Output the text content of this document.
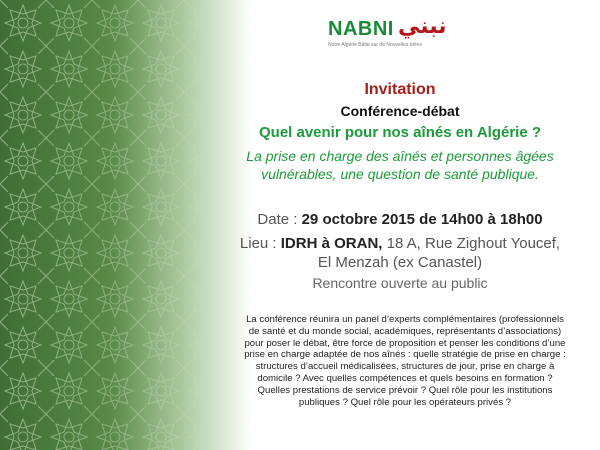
NABNI نبني
Notre Algérie Bâtie sur de Nouvelles Idées
Invitation
Conférence-débat
Quel avenir pour nos aînés en Algérie ?
La prise en charge des aînés et personnes âgées
vulnérables, une question de santé publique.
Date : 29 octobre 2015 de 14h00 à 18h00
Lieu : IDRH à ORAN, 18 A, Rue Zighout Youcef,
El Menzah (ex Canastel)
Rencontre ouverte au public
La conférence réunira un panel d’experts complémentaires (professionnels de santé et du monde social, académiques, représentants d’associations) pour poser le débat, être force de proposition et penser les conditions d’une prise en charge adaptée de nos aînés : quelle stratégie de prise en charge : structures d’accueil médicalisées, structures de jour, prise en charge à domicile ? Avec quelles compétences et quels besoins en formation ? Quelles prestations de service prévoir ? Quel rôle pour les institutions publiques ? Quel rôle pour les opérateurs privés ?
